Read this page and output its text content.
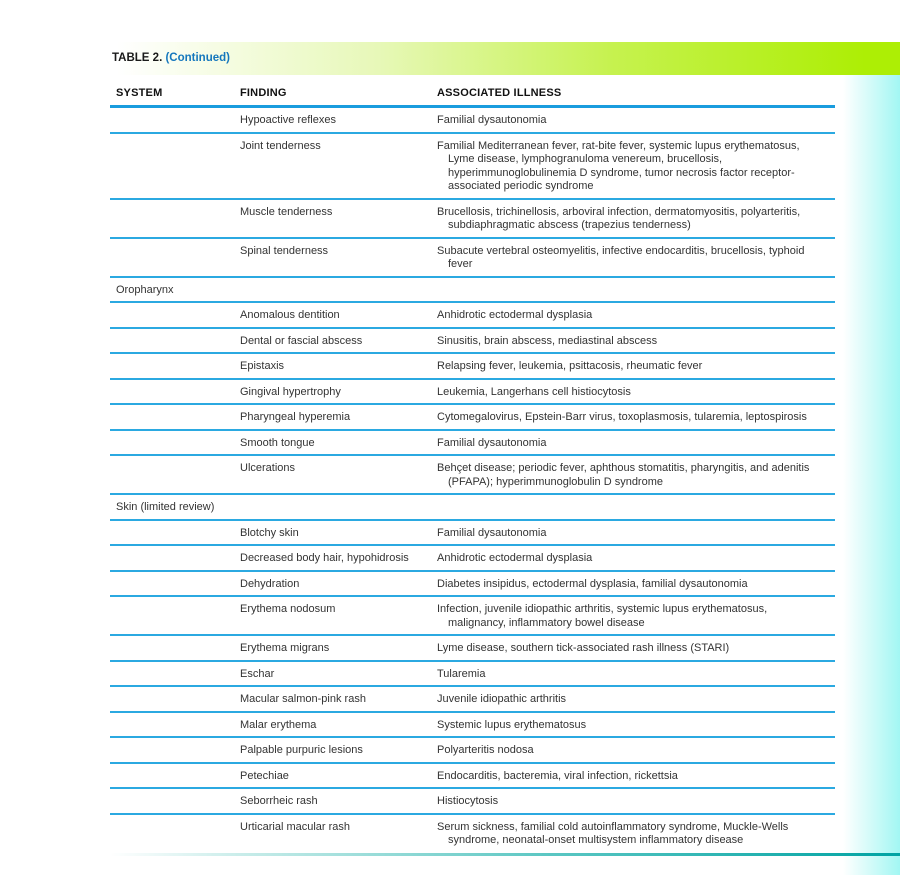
TABLE 2. (Continued)
SYSTEM	FINDING	ASSOCIATED ILLNESS

	Hypoactive reflexes	Familial dysautonomia

	Joint tenderness	Familial Mediterranean fever, rat-bite fever, systemic lupus erythematosus, Lyme disease, lymphogranuloma venereum, brucellosis, hyperimmunoglobulinemia D syndrome, tumor necrosis factor receptor-associated periodic syndrome

	Muscle tenderness	Brucellosis, trichinellosis, arboviral infection, dermatomyositis, polyarteritis, subdiaphragmatic abscess (trapezius tenderness)

	Spinal tenderness	Subacute vertebral osteomyelitis, infective endocarditis, brucellosis, typhoid fever

Oropharynx		

	Anomalous dentition	Anhidrotic ectodermal dysplasia

	Dental or fascial abscess	Sinusitis, brain abscess, mediastinal abscess

	Epistaxis	Relapsing fever, leukemia, psittacosis, rheumatic fever

	Gingival hypertrophy	Leukemia, Langerhans cell histiocytosis

	Pharyngeal hyperemia	Cytomegalovirus, Epstein-Barr virus, toxoplasmosis, tularemia, leptospirosis

	Smooth tongue	Familial dysautonomia

	Ulcerations	Behçet disease; periodic fever, aphthous stomatitis, pharyngitis, and adenitis (PFAPA); hyperimmunoglobulin D syndrome

Skin (limited review)		

	Blotchy skin	Familial dysautonomia

	Decreased body hair, hypohidrosis	Anhidrotic ectodermal dysplasia

	Dehydration	Diabetes insipidus, ectodermal dysplasia, familial dysautonomia

	Erythema nodosum	Infection, juvenile idiopathic arthritis, systemic lupus erythematosus, malignancy, inflammatory bowel disease

	Erythema migrans	Lyme disease, southern tick-associated rash illness (STARI)

	Eschar	Tularemia

	Macular salmon-pink rash	Juvenile idiopathic arthritis

	Malar erythema	Systemic lupus erythematosus

	Palpable purpuric lesions	Polyarteritis nodosa

	Petechiae	Endocarditis, bacteremia, viral infection, rickettsia

	Seborrheic rash	Histiocytosis

	Urticarial macular rash	Serum sickness, familial cold autoinflammatory syndrome, Muckle-Wells syndrome, neonatal-onset multisystem inflammatory disease
